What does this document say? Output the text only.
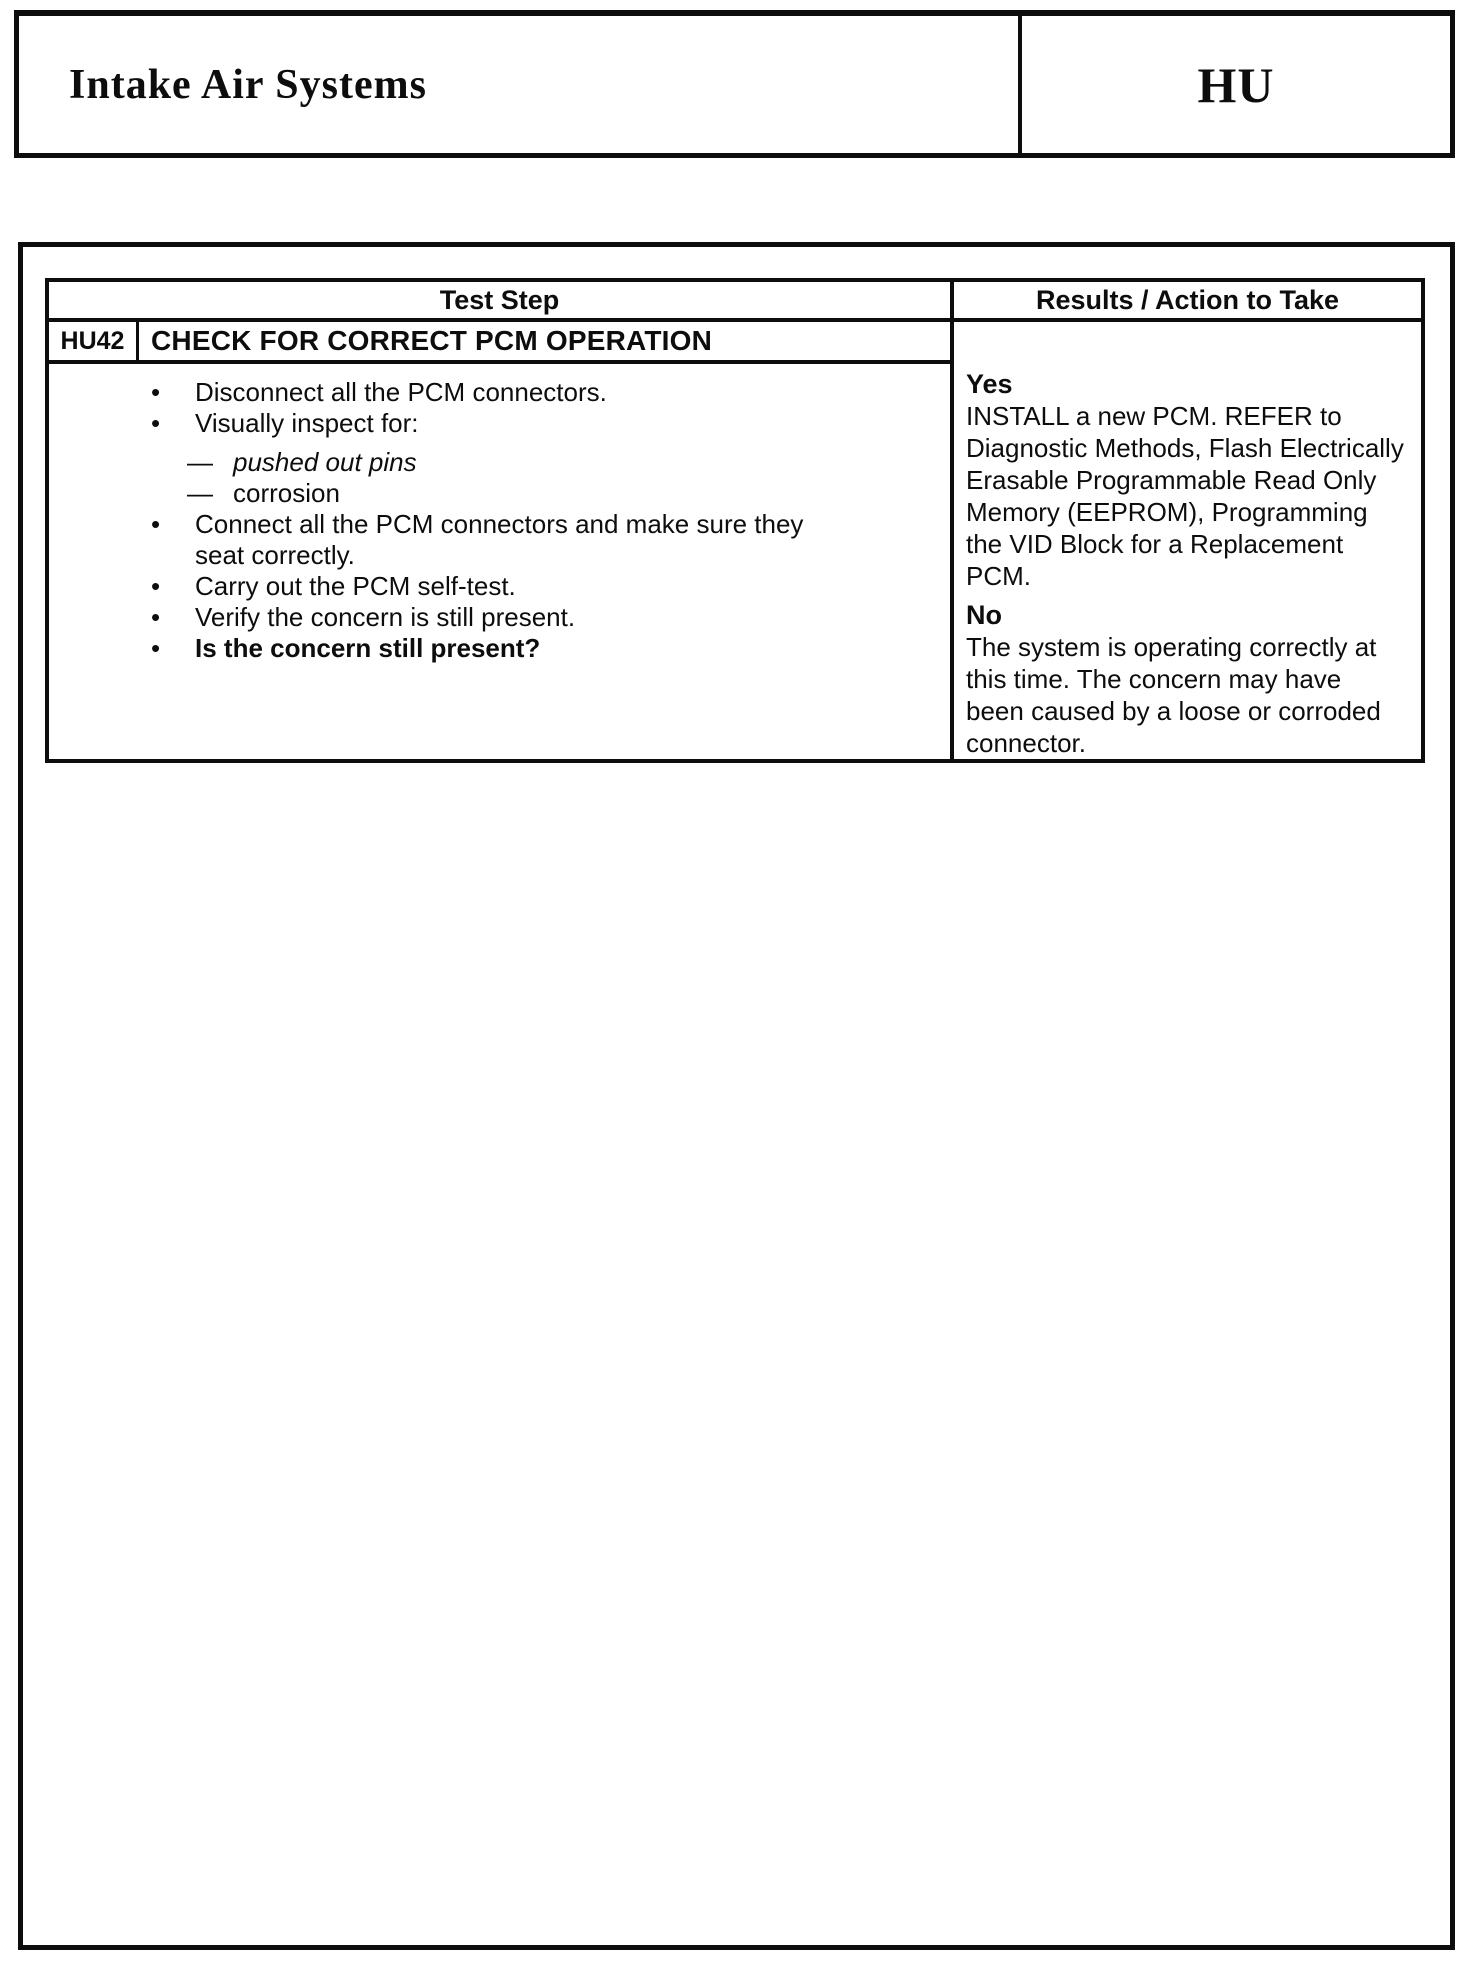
Intake Air Systems	HU
Test Step	Results / Action to Take
HU42 CHECK FOR CORRECT PCM OPERATION
•	Disconnect all the PCM connectors.
•	Visually inspect for:
— pushed out pins
— corrosion
•	Connect all the PCM connectors and make sure they seat correctly.
•	Carry out the PCM self-test.
•	Verify the concern is still present.
•	Is the concern still present?
Yes
INSTALL a new PCM. REFER to Diagnostic Methods, Flash Electrically Erasable Programmable Read Only Memory (EEPROM), Programming the VID Block for a Replacement PCM.
No
The system is operating correctly at this time. The concern may have been caused by a loose or corroded connector.
